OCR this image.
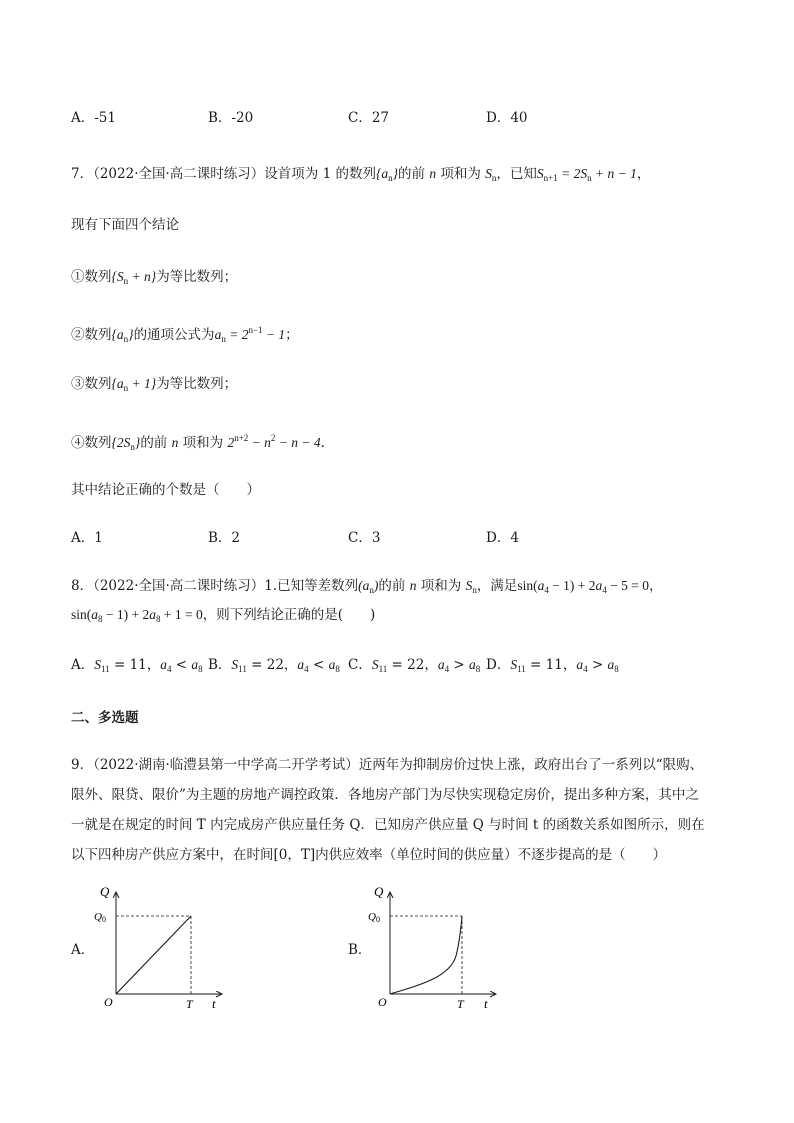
A．-51	B．-20	C．27	D．40
7．（2022·全国·高二课时练习）设首项为 1 的数列$\{a_n\}$的前 n 项和为 $S_n$，已知$S_{n+1} = 2S_n + n - 1$，
现有下面四个结论
①数列$\{S_n + n\}$为等比数列；
②数列$\{a_n\}$的通项公式为$a_n = 2^{n-1} - 1$；
③数列$\{a_n + 1\}$为等比数列；
④数列$\{2S_n\}$的前 n 项和为 $2^{n+2} - n^2 - n - 4$.
其中结论正确的个数是（　　）
A．1	B．2	C．3	D．4
8．（2022·全国·高二课时练习）1.已知等差数列$(a_n)$的前 n 项和为 $S_n$，满足$\sin(a_4 - 1) + 2a_4 - 5 = 0$，
$\sin(a_8 - 1) + 2a_8 + 1 = 0$，则下列结论正确的是(　　)
A．$S_{11} = 11$，$a_4 < a_8$ B．$S_{11} = 22$，$a_4 < a_8$ C．$S_{11} = 22$，$a_4 > a_8$ D．$S_{11} = 11$，$a_4 > a_8$
二、多选题
9．（2022·湖南·临澧县第一中学高二开学考试）近两年为抑制房价过快上涨，政府出台了一系列以“限购、
限外、限贷、限价”为主题的房地产调控政策．各地房产部门为尽快实现稳定房价，提出多种方案，其中之
一就是在规定的时间 T 内完成房产供应量任务 Q．已知房产供应量 Q 与时间 t 的函数关系如图所示，则在
以下四种房产供应方案中，在时间[0，T]内供应效率（单位时间的供应量）不逐步提高的是（　　）
A．
Q
Q0
O	T t
B．
Q
Q0
O	T t
